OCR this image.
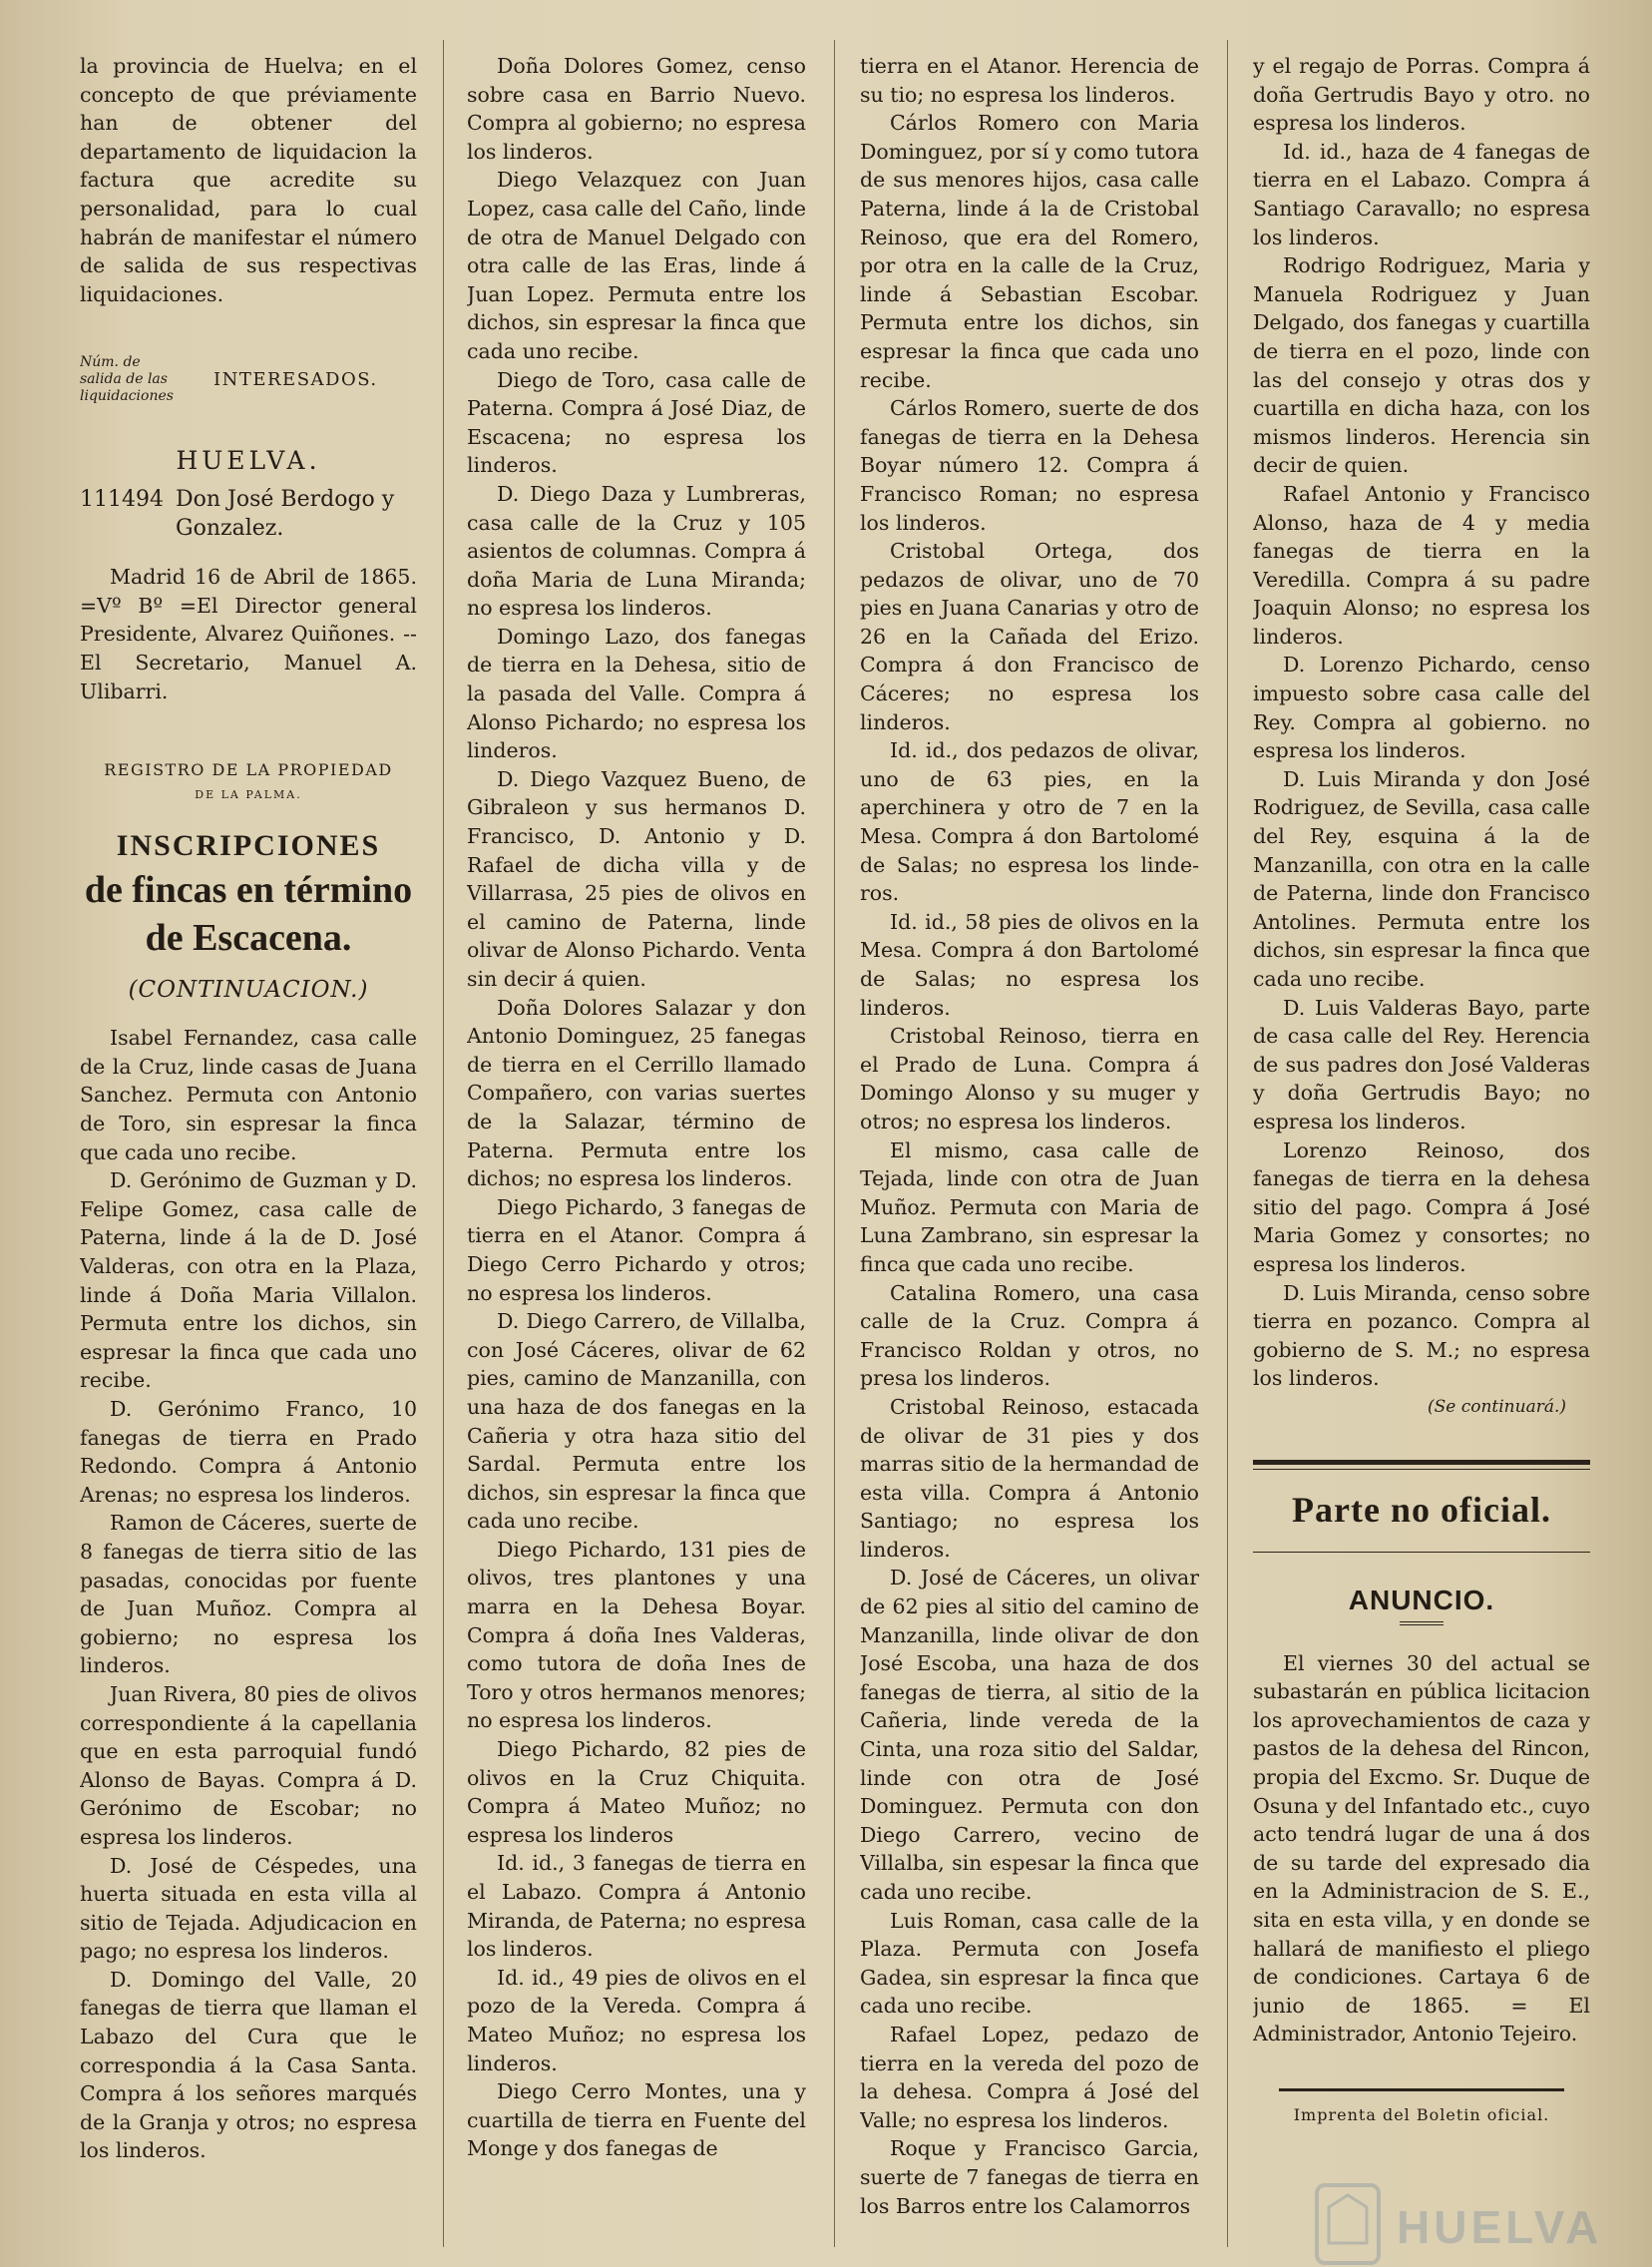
la provincia de Huelva; en el concepto de que préviamente han de obtener del departamento de liquidacion la factura que acredite su personalidad, para lo cual habrán de manifestar el número de salida de sus respectivas liquidaciones.

Núm. de salida de las liquidaciones
INTERESADOS.
HUELVA.
111494 Don José Berdogo y Gonzalez.

Madrid 16 de Abril de 1865. =Vº Bº =El Director general Presidente, Alvarez Quiñones. --El Secretario, Manuel A. Ulibarri.

REGISTRO DE LA PROPIEDAD
DE LA PALMA.
INSCRIPCIONES
de fincas en término
de Escacena.
(CONTINUACION.)

Isabel Fernandez, casa calle de la Cruz, linde casas de Juana Sanchez. Permuta con Antonio de Toro, sin espresar la finca que cada uno recibe.

D. Gerónimo de Guzman y D. Felipe Gomez, casa calle de Paterna, linde á la de D. José Valderas, con otra en la Plaza, linde á Doña Maria Villalon. Permuta entre los dichos, sin espresar la finca que cada uno recibe.

D. Gerónimo Franco, 10 fanegas de tierra en Prado Redondo. Compra á Antonio Arenas; no espresa los linderos.

Ramon de Cáceres, suerte de 8 fanegas de tierra sitio de las pasadas, conocidas por fuente de Juan Muñoz. Compra al gobierno; no espresa los linderos.

Juan Rivera, 80 pies de olivos correspondiente á la capellania que en esta parroquial fundó Alonso de Bayas. Compra á D. Gerónimo de Escobar; no espresa los linderos.

D. José de Céspedes, una huerta situada en esta villa al sitio de Tejada. Adjudicacion en pago; no espresa los linderos.

D. Domingo del Valle, 20 fanegas de tierra que llaman el Labazo del Cura que le correspondia á la Casa Santa. Compra á los señores marqués de la Granja y otros; no espresa los linderos.

Doña Dolores Gomez, censo sobre casa en Barrio Nuevo. Compra al gobierno; no espresa los linderos.

Diego Velazquez con Juan Lopez, casa calle del Caño, linde de otra de Manuel Delgado con otra calle de las Eras, linde á Juan Lopez. Permuta entre los dichos, sin espresar la finca que cada uno recibe.

Diego de Toro, casa calle de Paterna. Compra á José Diaz, de Escacena; no espresa los linderos.

D. Diego Daza y Lumbreras, casa calle de la Cruz y 105 asientos de columnas. Compra á doña Maria de Luna Miranda; no espresa los linderos.

Domingo Lazo, dos fanegas de tierra en la Dehesa, sitio de la pasada del Valle. Compra á Alonso Pichardo; no espresa los linderos.

D. Diego Vazquez Bueno, de Gibraleon y sus hermanos D. Francisco, D. Antonio y D. Rafael de dicha villa y de Villarrasa, 25 pies de olivos en el camino de Paterna, linde olivar de Alonso Pichardo. Venta sin decir á quien.

Doña Dolores Salazar y don Antonio Dominguez, 25 fanegas de tierra en el Cerrillo llamado Compañero, con varias suertes de la Salazar, término de Paterna. Permuta entre los dichos; no espresa los linderos.

Diego Pichardo, 3 fanegas de tierra en el Atanor. Compra á Diego Cerro Pichardo y otros; no espresa los linderos.

D. Diego Carrero, de Villalba, con José Cáceres, olivar de 62 pies, camino de Manzanilla, con una haza de dos fanegas en la Cañeria y otra haza sitio del Sardal. Permuta entre los dichos, sin espresar la finca que cada uno recibe.

Diego Pichardo, 131 pies de olivos, tres plantones y una marra en la Dehesa Boyar. Compra á doña Ines Valderas, como tutora de doña Ines de Toro y otros hermanos menores; no espresa los linderos.

Diego Pichardo, 82 pies de olivos en la Cruz Chiquita. Compra á Mateo Muñoz; no espresa los linderos

Id. id., 3 fanegas de tierra en el Labazo. Compra á Antonio Miranda, de Paterna; no espresa los linderos.

Id. id., 49 pies de olivos en el pozo de la Vereda. Compra á Mateo Muñoz; no espresa los linderos.

Diego Cerro Montes, una y cuartilla de tierra en Fuente del Monge y dos fanegas de

tierra en el Atanor. Herencia de su tio; no espresa los linderos.

Cárlos Romero con Maria Dominguez, por sí y como tutora de sus menores hijos, casa calle Paterna, linde á la de Cristobal Reinoso, que era del Romero, por otra en la calle de la Cruz, linde á Sebastian Escobar. Permuta entre los dichos, sin espresar la finca que cada uno recibe.

Cárlos Romero, suerte de dos fanegas de tierra en la Dehesa Boyar número 12. Compra á Francisco Roman; no espresa los linderos.

Cristobal Ortega, dos pedazos de olivar, uno de 70 pies en Juana Canarias y otro de 26 en la Cañada del Erizo. Compra á don Francisco de Cáceres; no espresa los linderos.

Id. id., dos pedazos de olivar, uno de 63 pies, en la aperchinera y otro de 7 en la Mesa. Compra á don Bartolomé de Salas; no espresa los linde-ros.

Id. id., 58 pies de olivos en la Mesa. Compra á don Bartolomé de Salas; no espresa los linderos.

Cristobal Reinoso, tierra en el Prado de Luna. Compra á Domingo Alonso y su muger y otros; no espresa los linderos.

El mismo, casa calle de Tejada, linde con otra de Juan Muñoz. Permuta con Maria de Luna Zambrano, sin espresar la finca que cada uno recibe.

Catalina Romero, una casa calle de la Cruz. Compra á Francisco Roldan y otros, no presa los linderos.

Cristobal Reinoso, estacada de olivar de 31 pies y dos marras sitio de la hermandad de esta villa. Compra á Antonio Santiago; no espresa los linderos.

D. José de Cáceres, un olivar de 62 pies al sitio del camino de Manzanilla, linde olivar de don José Escoba, una haza de dos fanegas de tierra, al sitio de la Cañeria, linde vereda de la Cinta, una roza sitio del Saldar, linde con otra de José Dominguez. Permuta con don Diego Carrero, vecino de Villalba, sin espesar la finca que cada uno recibe.

Luis Roman, casa calle de la Plaza. Permuta con Josefa Gadea, sin espresar la finca que cada uno recibe.

Rafael Lopez, pedazo de tierra en la vereda del pozo de la dehesa. Compra á José del Valle; no espresa los linderos.

Roque y Francisco Garcia, suerte de 7 fanegas de tierra en los Barros entre los Calamorros

y el regajo de Porras. Compra á doña Gertrudis Bayo y otro. no espresa los linderos.

Id. id., haza de 4 fanegas de tierra en el Labazo. Compra á Santiago Caravallo; no espresa los linderos.

Rodrigo Rodriguez, Maria y Manuela Rodriguez y Juan Delgado, dos fanegas y cuartilla de tierra en el pozo, linde con las del consejo y otras dos y cuartilla en dicha haza, con los mismos linderos. Herencia sin decir de quien.

Rafael Antonio y Francisco Alonso, haza de 4 y media fanegas de tierra en la Veredilla. Compra á su padre Joaquin Alonso; no espresa los linderos.

D. Lorenzo Pichardo, censo impuesto sobre casa calle del Rey. Compra al gobierno. no espresa los linderos.

D. Luis Miranda y don José Rodriguez, de Sevilla, casa calle del Rey, esquina á la de Manzanilla, con otra en la calle de Paterna, linde don Francisco Antolines. Permuta entre los dichos, sin espresar la finca que cada uno recibe.

D. Luis Valderas Bayo, parte de casa calle del Rey. Herencia de sus padres don José Valderas y doña Gertrudis Bayo; no espresa los linderos.

Lorenzo Reinoso, dos fanegas de tierra en la dehesa sitio del pago. Compra á José Maria Gomez y consortes; no espresa los linderos.

D. Luis Miranda, censo sobre tierra en pozanco. Compra al gobierno de S. M.; no espresa los linderos.

(Se continuará.)
Parte no oficial.
ANUNCIO.

El viernes 30 del actual se subastarán en pública licitacion los aprovechamientos de caza y pastos de la dehesa del Rincon, propia del Excmo. Sr. Duque de Osuna y del Infantado etc., cuyo acto tendrá lugar de una á dos de su tarde del expresado dia en la Administracion de S. E., sita en esta villa, y en donde se hallará de manifiesto el pliego de condiciones. Cartaya 6 de junio de 1865. = El Administrador, Antonio Tejeiro.

Imprenta del Boletin oficial.
HUELVA
